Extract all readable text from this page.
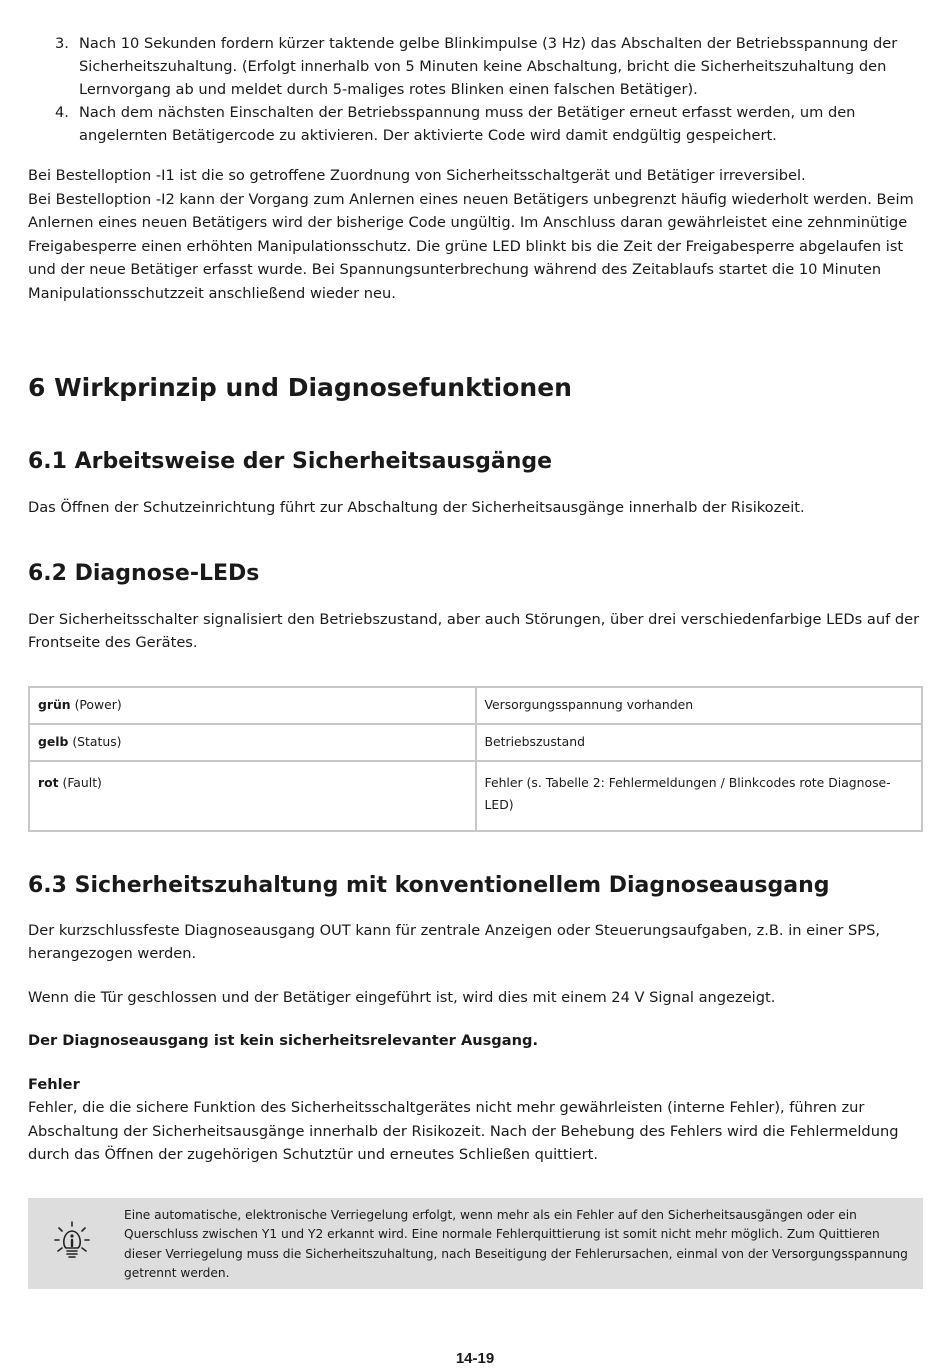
3. Nach 10 Sekunden fordern kürzer taktende gelbe Blinkimpulse (3 Hz) das Abschalten der Betriebsspannung der Sicherheitszuhaltung. (Erfolgt innerhalb von 5 Minuten keine Abschaltung, bricht die Sicherheitszuhaltung den Lernvorgang ab und meldet durch 5-maliges rotes Blinken einen falschen Betätiger).
4. Nach dem nächsten Einschalten der Betriebsspannung muss der Betätiger erneut erfasst werden, um den angelernten Betätigercode zu aktivieren. Der aktivierte Code wird damit endgültig gespeichert.

Bei Bestelloption -I1 ist die so getroffene Zuordnung von Sicherheitsschaltgerät und Betätiger irreversibel.

Bei Bestelloption -I2 kann der Vorgang zum Anlernen eines neuen Betätigers unbegrenzt häufig wiederholt werden. Beim Anlernen eines neuen Betätigers wird der bisherige Code ungültig. Im Anschluss daran gewährleistet eine zehnminütige Freigabesperre einen erhöhten Manipulationsschutz. Die grüne LED blinkt bis die Zeit der Freigabesperre abgelaufen ist und der neue Betätiger erfasst wurde. Bei Spannungsunterbrechung während des Zeitablaufs startet die 10 Minuten Manipulationsschutzzeit anschließend wieder neu.

6 Wirkprinzip und Diagnosefunktionen
6.1 Arbeitsweise der Sicherheitsausgänge

Das Öffnen der Schutzeinrichtung führt zur Abschaltung der Sicherheitsausgänge innerhalb der Risikozeit.

6.2 Diagnose-LEDs

Der Sicherheitsschalter signalisiert den Betriebszustand, aber auch Störungen, über drei verschiedenfarbige LEDs auf der Frontseite des Gerätes.

grün (Power)	Versorgungsspannung vorhanden
gelb (Status)	Betriebszustand
rot (Fault)	Fehler (s. Tabelle 2: Fehlermeldungen / Blinkcodes rote Diagnose-LED)
6.3 Sicherheitszuhaltung mit konventionellem Diagnoseausgang

Der kurzschlussfeste Diagnoseausgang OUT kann für zentrale Anzeigen oder Steuerungsaufgaben, z.B. in einer SPS, herangezogen werden.

Wenn die Tür geschlossen und der Betätiger eingeführt ist, wird dies mit einem 24 V Signal angezeigt.

Der Diagnoseausgang ist kein sicherheitsrelevanter Ausgang.

Fehler

Fehler, die die sichere Funktion des Sicherheitsschaltgerätes nicht mehr gewährleisten (interne Fehler), führen zur Abschaltung der Sicherheitsausgänge innerhalb der Risikozeit. Nach der Behebung des Fehlers wird die Fehlermeldung durch das Öffnen der zugehörigen Schutztür und erneutes Schließen quittiert.

Eine automatische, elektronische Verriegelung erfolgt, wenn mehr als ein Fehler auf den Sicherheitsausgängen oder ein Querschluss zwischen Y1 und Y2 erkannt wird. Eine normale Fehlerquittierung ist somit nicht mehr möglich. Zum Quittieren dieser Verriegelung muss die Sicherheitszuhaltung, nach Beseitigung der Fehlerursachen, einmal von der Versorgungsspannung getrennt werden.
14-19
